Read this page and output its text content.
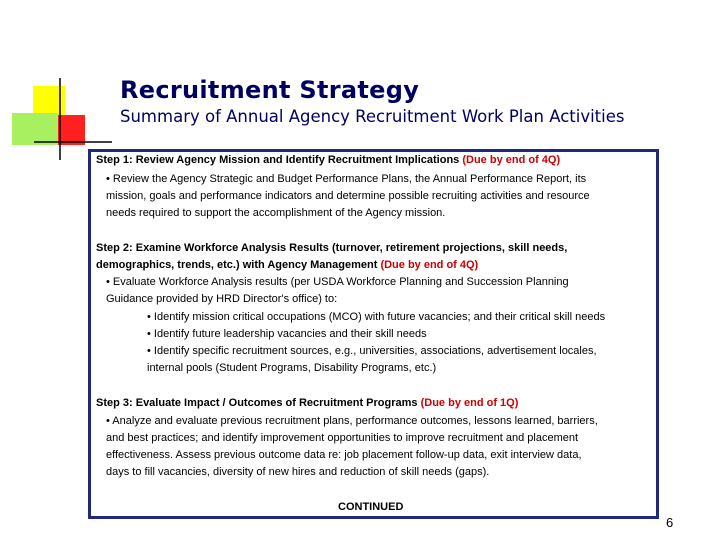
Recruitment Strategy
Summary of Annual Agency Recruitment Work Plan Activities
Step 1: Review Agency Mission and Identify Recruitment Implications (Due by end of 4Q)
• Review the Agency Strategic and Budget Performance Plans, the Annual Performance Report, its
mission, goals and performance indicators and determine possible recruiting activities and resource
needs required to support the accomplishment of the Agency mission.
Step 2: Examine Workforce Analysis Results (turnover, retirement projections, skill needs,
demographics, trends, etc.) with Agency Management (Due by end of 4Q)
• Evaluate Workforce Analysis results (per USDA Workforce Planning and Succession Planning
Guidance provided by HRD Director's office) to:
• Identify mission critical occupations (MCO) with future vacancies; and their critical skill needs
• Identify future leadership vacancies and their skill needs
• Identify specific recruitment sources, e.g., universities, associations, advertisement locales,
internal pools (Student Programs, Disability Programs, etc.)
Step 3: Evaluate Impact / Outcomes of Recruitment Programs (Due by end of 1Q)
• Analyze and evaluate previous recruitment plans, performance outcomes, lessons learned, barriers,
and best practices; and identify improvement opportunities to improve recruitment and placement
effectiveness. Assess previous outcome data re: job placement follow-up data, exit interview data,
days to fill vacancies, diversity of new hires and reduction of skill needs (gaps).
CONTINUED
6
